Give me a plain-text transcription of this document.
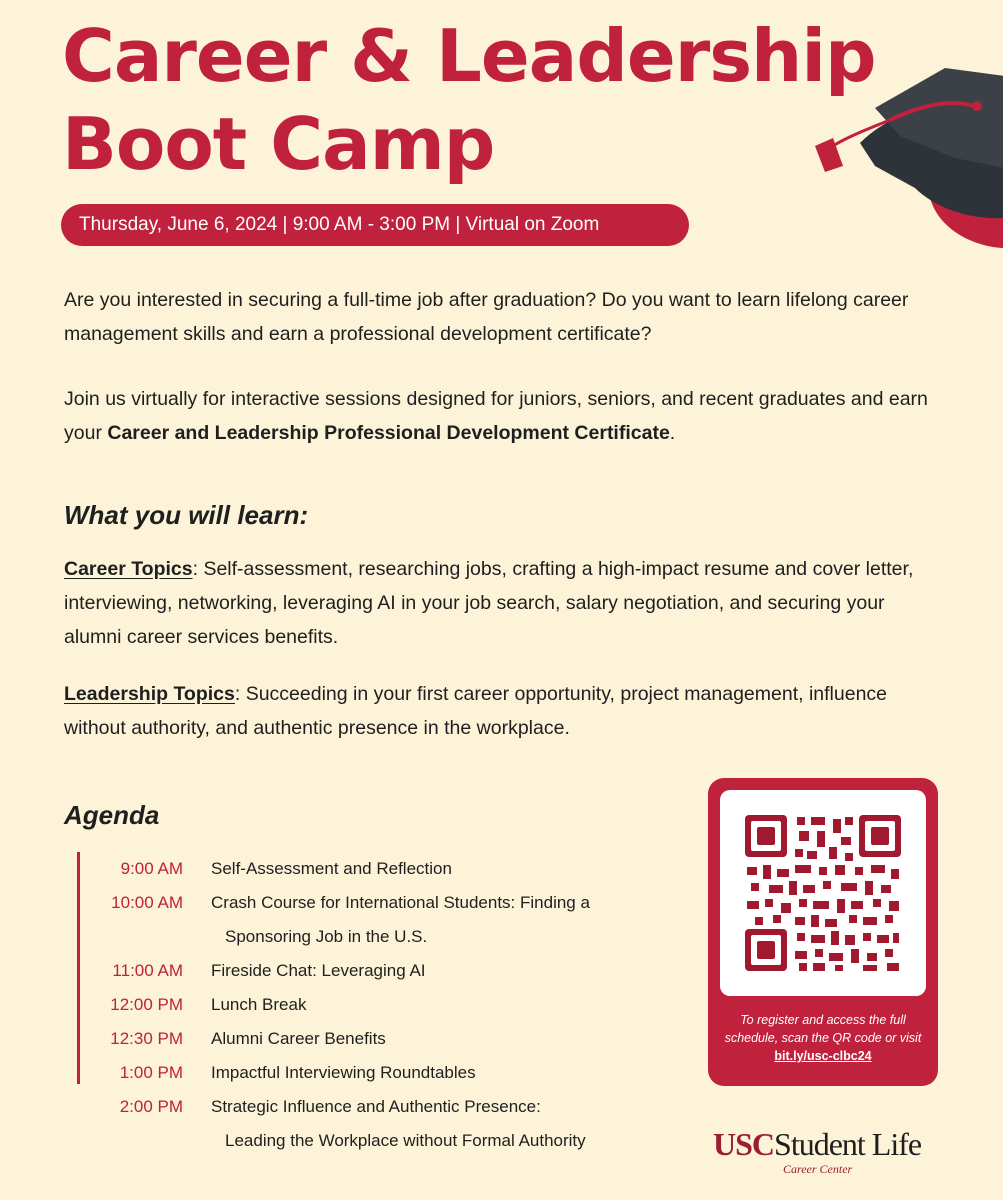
Career & Leadership
Boot Camp
Thursday, June 6, 2024 | 9:00 AM - 3:00 PM | Virtual on Zoom

Are you interested in securing a full-time job after graduation? Do you want to learn lifelong career management skills and earn a professional development certificate?

Join us virtually for interactive sessions designed for juniors, seniors, and recent graduates and earn your Career and Leadership Professional Development Certificate.

What you will learn:

Career Topics: Self-assessment, researching jobs, crafting a high-impact resume and cover letter, interviewing, networking, leveraging AI in your job search, salary negotiation, and securing your alumni career services benefits.

Leadership Topics: Succeeding in your first career opportunity, project management, influence without authority, and authentic presence in the workplace.

Agenda
9:00 AM Self-Assessment and Reflection
10:00 AM Crash Course for International Students: Finding a
Sponsoring Job in the U.S.
11:00 AM Fireside Chat: Leveraging AI
12:00 PM Lunch Break
12:30 PM Alumni Career Benefits
1:00 PM Impactful Interviewing Roundtables
2:00 PM Strategic Influence and Authentic Presence:
Leading the Workplace without Formal Authority

To register and access the full schedule, scan the QR code or visit bit.ly/usc-clbc24

USCStudent Life
Career Center
